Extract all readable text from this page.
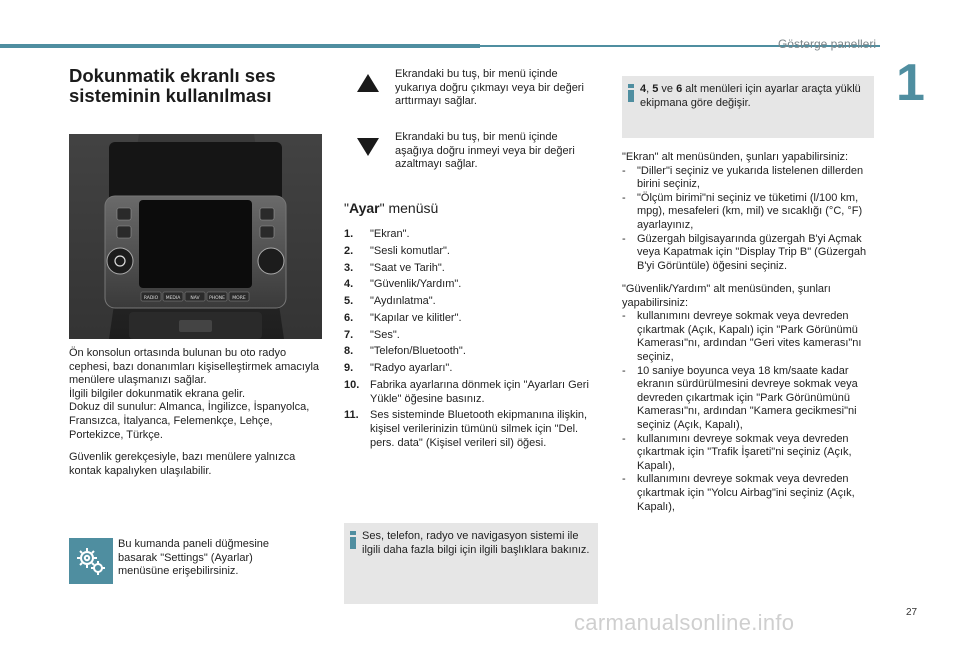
Gösterge panelleri
1
Dokunmatik ekranlı ses sisteminin kullanılması
RADIO MEDIA NAV PHONE MORE
Ön konsolun ortasında bulunan bu oto radyo cephesi, bazı donanımları kişiselleştirmek amacıyla menülere ulaşmanızı sağlar.
İlgili bilgiler dokunmatik ekrana gelir.
Dokuz dil sunulur: Almanca, İngilizce, İspanyolca, Fransızca, İtalyanca, Felemenkçe, Lehçe, Portekizce, Türkçe.
Güvenlik gerekçesiyle, bazı menülere yalnızca kontak kapalıyken ulaşılabilir.
Bu kumanda paneli düğmesine basarak "Settings" (Ayarlar) menüsüne erişebilirsiniz.
Ekrandaki bu tuş, bir menü içinde yukarıya doğru çıkmayı veya bir değeri arttırmayı sağlar.
Ekrandaki bu tuş, bir menü içinde aşağıya doğru inmeyi veya bir değeri azaltmayı sağlar.
"Ayar" menüsü
1.	"Ekran".
2.	"Sesli komutlar".
3.	"Saat ve Tarih".
4.	"Güvenlik/Yardım".
5.	"Aydınlatma".
6.	"Kapılar ve kilitler".
7.	"Ses".
8.	"Telefon/Bluetooth".
9.	"Radyo ayarları".
10. Fabrika ayarlarına dönmek için "Ayarları Geri Yükle" öğesine basınız.
11.	Ses sisteminde Bluetooth ekipmanına ilişkin, kişisel verilerinizin tümünü silmek için "Del. pers. data" (Kişisel verileri sil) öğesi.
Ses, telefon, radyo ve navigasyon sistemi ile ilgili daha fazla bilgi için ilgili başlıklara bakınız.
4, 5 ve 6 alt menüleri için ayarlar araçta yüklü ekipmana göre değişir.
"Ekran" alt menüsünden, şunları yapabilirsiniz:
-	"Diller"i seçiniz ve yukarıda listelenen dillerden birini seçiniz,
-	"Ölçüm birimi"ni seçiniz ve tüketimi (l/100 km, mpg), mesafeleri (km, mil) ve sıcaklığı (°C, °F) ayarlayınız,
-	Güzergah bilgisayarında güzergah B'yi Açmak veya Kapatmak için "Display Trip B" (Güzergah B'yi Görüntüle) öğesini seçiniz.
"Güvenlik/Yardım" alt menüsünden, şunları yapabilirsiniz:
-	kullanımını devreye sokmak veya devreden çıkartmak (Açık, Kapalı) için "Park Görünümü Kamerası"nı, ardından "Geri vites kamerası"nı seçiniz,
-	10 saniye boyunca veya 18 km/saate kadar ekranın sürdürülmesini devreye sokmak veya devreden çıkartmak için "Park Görünümünü Kamerası"nı, ardından "Kamera gecikmesi"ni seçiniz (Açık, Kapalı),
-	kullanımını devreye sokmak veya devreden çıkartmak için "Trafik İşareti"ni seçiniz (Açık, Kapalı),
-	kullanımını devreye sokmak veya devreden çıkartmak için "Yolcu Airbag"ini seçiniz (Açık, Kapalı),
27
carmanualsonline.info
